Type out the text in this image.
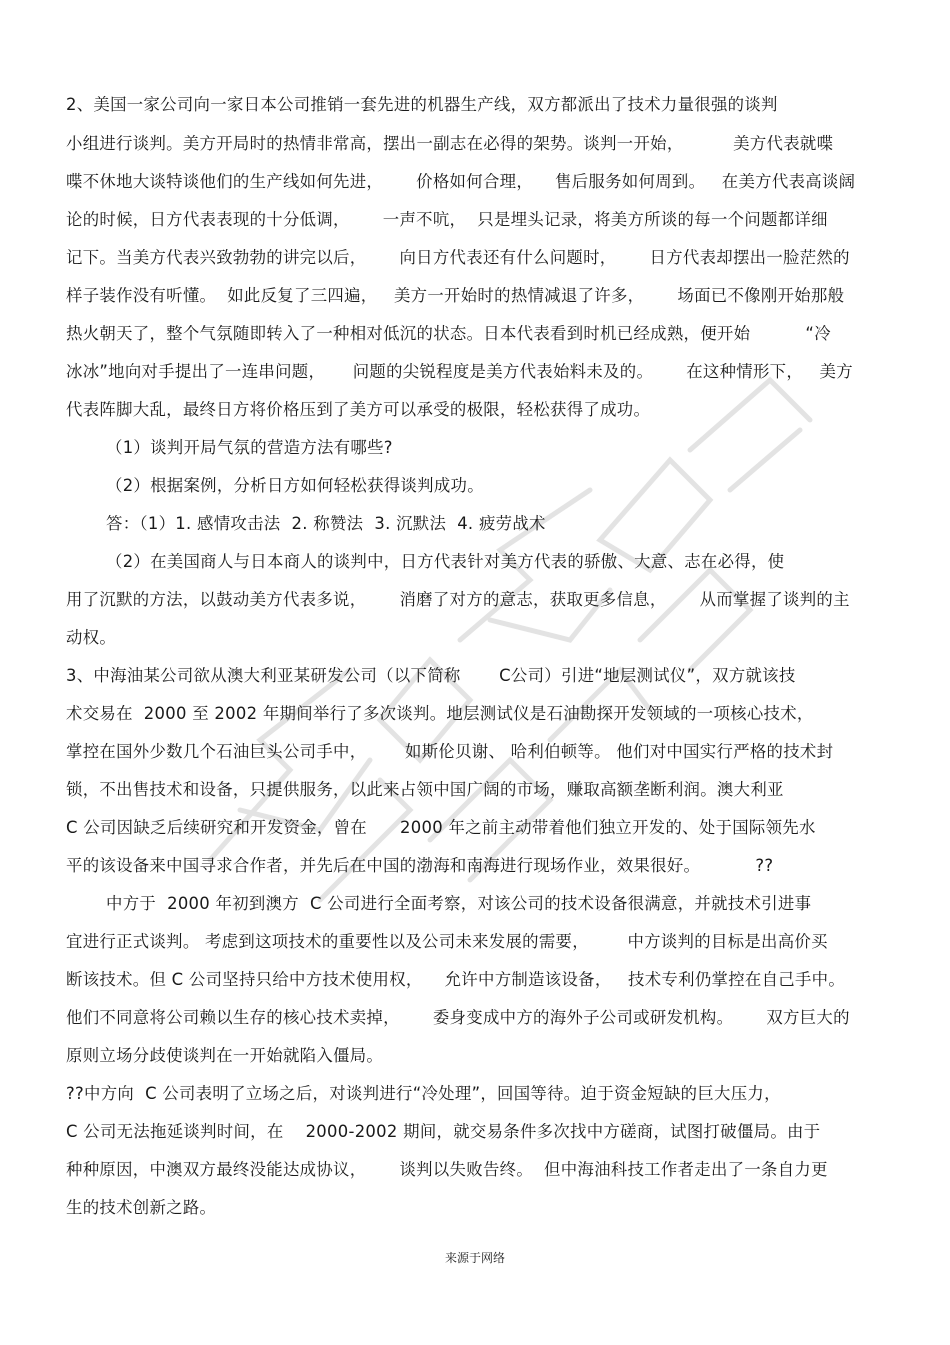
2、美国一家公司向一家日本公司推销一套先进的机器生产线，双方都派出了技术力量很强的谈判

小组进行谈判。美方开局时的热情非常高，摆出一副志在必得的架势。谈判一开始，         美方代表就喋

喋不休地大谈特谈他们的生产线如何先进，      价格如何合理，    售后服务如何周到。   在美方代表高谈阔

论的时候，日方代表表现的十分低调，      一声不吭，  只是埋头记录，将美方所谈的每一个问题都详细

记下。当美方代表兴致勃勃的讲完以后，      向日方代表还有什么问题时，      日方代表却摆出一脸茫然的

样子装作没有听懂。  如此反复了三四遍，   美方一开始时的热情减退了许多，      场面已不像刚开始那般

热火朝天了，整个气氛随即转入了一种相对低沉的状态。日本代表看到时机已经成熟，便开始          “冷

冰冰”地向对手提出了一连串问题，     问题的尖锐程度是美方代表始料未及的。      在这种情形下，   美方

代表阵脚大乱，最终日方将价格压到了美方可以承受的极限，轻松获得了成功。

（1）谈判开局气氛的营造方法有哪些?

（2）根据案例，分析日方如何轻松获得谈判成功。

答：（1）1. 感情攻击法  2. 称赞法  3. 沉默法  4. 疲劳战术

（2）在美国商人与日本商人的谈判中，日方代表针对美方代表的骄傲、大意、志在必得，使

用了沉默的方法，以鼓动美方代表多说，      消磨了对方的意志，获取更多信息，      从而掌握了谈判的主

动权。

3、中海油某公司欲从澳大利亚某研发公司（以下简称       C公司）引进“地层测试仪”，双方就该技

术交易在  2000 至 2002 年期间举行了多次谈判。地层测试仪是石油勘探开发领域的一项核心技术，

掌控在国外少数几个石油巨头公司手中，       如斯伦贝谢、 哈利伯顿等。 他们对中国实行严格的技术封

锁，不出售技术和设备，只提供服务，以此来占领中国广阔的市场，赚取高额垄断利润。澳大利亚

C 公司因缺乏后续研究和开发资金，曾在      2000 年之前主动带着他们独立开发的、处于国际领先水

平的该设备来中国寻求合作者，并先后在中国的渤海和南海进行现场作业，效果很好。          ??

中方于  2000 年初到澳方  C 公司进行全面考察，对该公司的技术设备很满意，并就技术引进事

宜进行正式谈判。 考虑到这项技术的重要性以及公司未来发展的需要，       中方谈判的目标是出高价买

断该技术。但 C 公司坚持只给中方技术使用权，    允许中方制造该设备，   技术专利仍掌控在自己手中。

他们不同意将公司赖以生存的核心技术卖掉，      委身变成中方的海外子公司或研发机构。      双方巨大的

原则立场分歧使谈判在一开始就陷入僵局。

??中方向  C 公司表明了立场之后，对谈判进行“冷处理”，回国等待。迫于资金短缺的巨大压力，

C 公司无法拖延谈判时间，在    2000-2002 期间，就交易条件多次找中方磋商，试图打破僵局。由于

种种原因，中澳双方最终没能达成协议，      谈判以失败告终。  但中海油科技工作者走出了一条自力更

生的技术创新之路。

来源于网络
